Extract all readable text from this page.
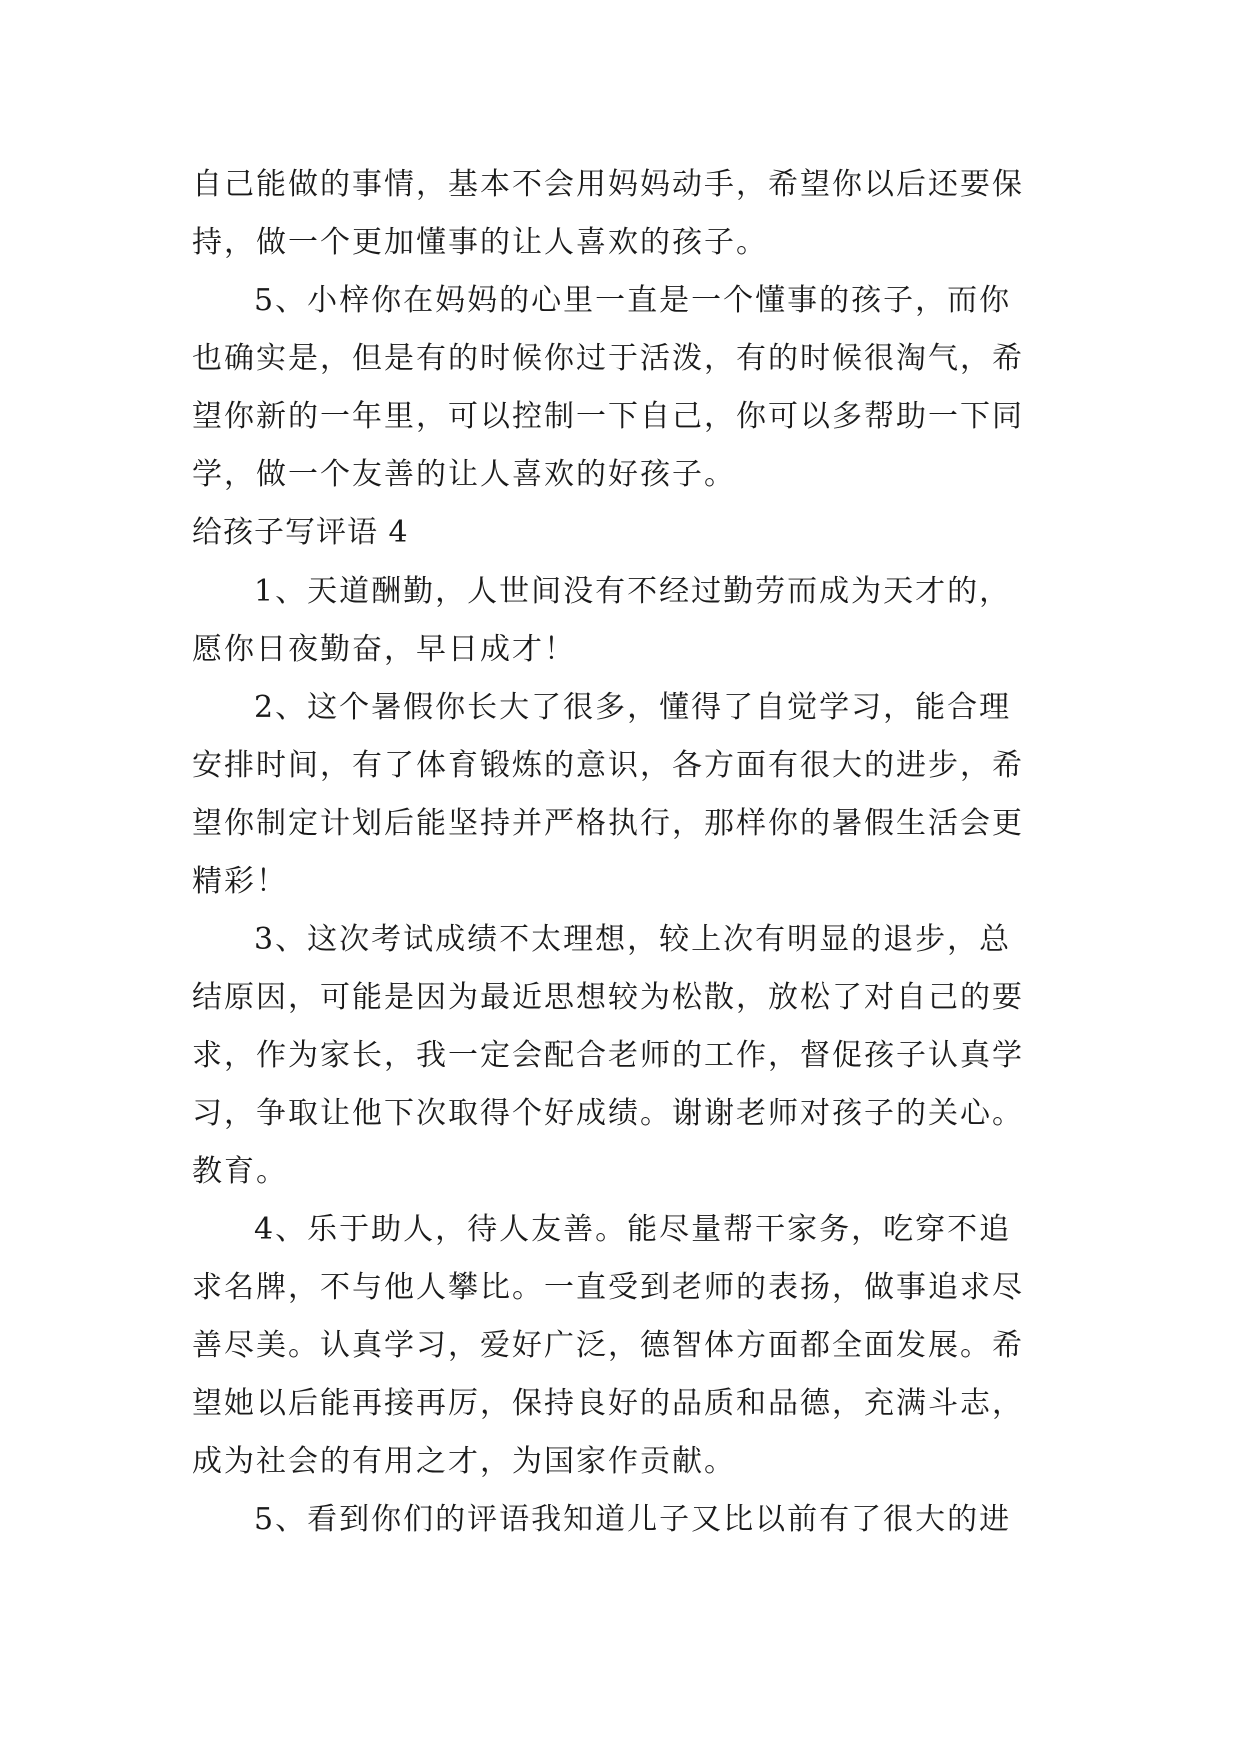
自己能做的事情，基本不会用妈妈动手，希望你以后还要保

持，做一个更加懂事的让人喜欢的孩子。

5、小梓你在妈妈的心里一直是一个懂事的孩子，而你

也确实是，但是有的时候你过于活泼，有的时候很淘气，希

望你新的一年里，可以控制一下自己，你可以多帮助一下同

学，做一个友善的让人喜欢的好孩子。

给孩子写评语 4

1、天道酬勤，人世间没有不经过勤劳而成为天才的，

愿你日夜勤奋，早日成才！

2、这个暑假你长大了很多，懂得了自觉学习，能合理

安排时间，有了体育锻炼的意识，各方面有很大的进步，希

望你制定计划后能坚持并严格执行，那样你的暑假生活会更

精彩！

3、这次考试成绩不太理想，较上次有明显的退步，总

结原因，可能是因为最近思想较为松散，放松了对自己的要

求，作为家长，我一定会配合老师的工作，督促孩子认真学

习，争取让他下次取得个好成绩。谢谢老师对孩子的关心。

教育。

4、乐于助人，待人友善。能尽量帮干家务，吃穿不追

求名牌，不与他人攀比。一直受到老师的表扬，做事追求尽

善尽美。认真学习，爱好广泛，德智体方面都全面发展。希

望她以后能再接再厉，保持良好的品质和品德，充满斗志，

成为社会的有用之才，为国家作贡献。

5、看到你们的评语我知道儿子又比以前有了很大的进
